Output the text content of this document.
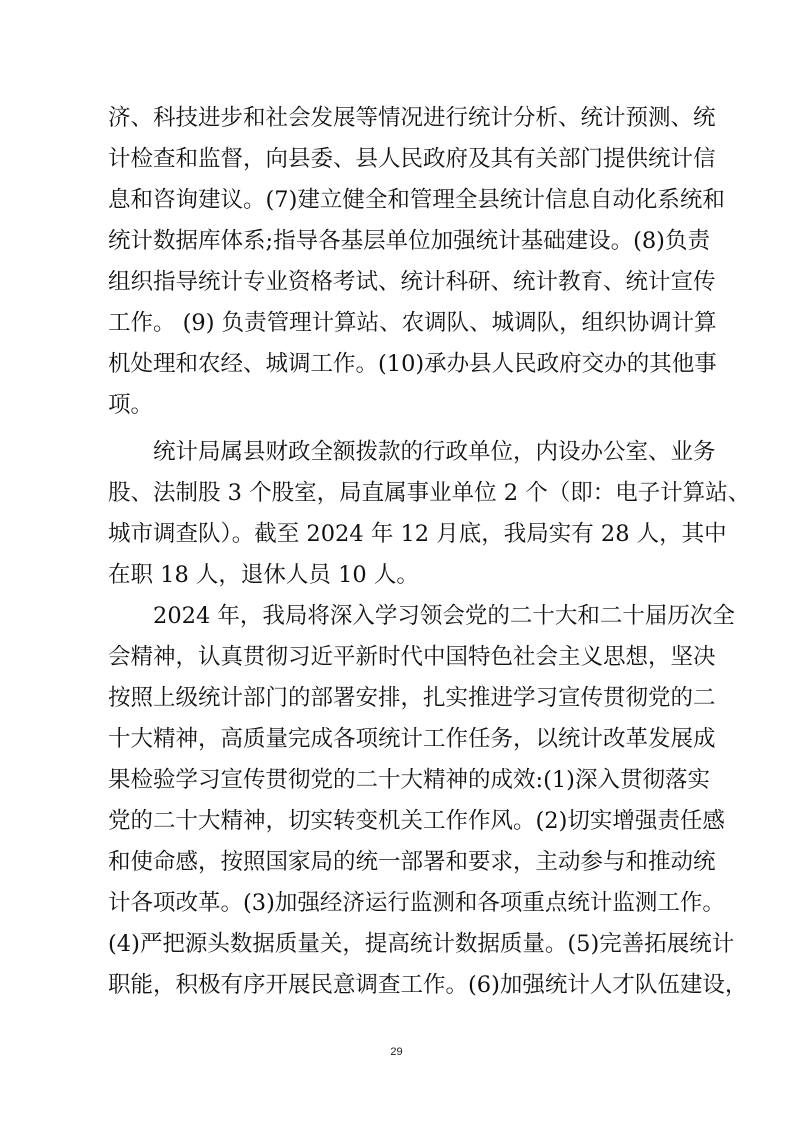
济、科技进步和社会发展等情况进行统计分析、统计预测、统
计检查和监督，向县委、县人民政府及其有关部门提供统计信
息和咨询建议。(7)建立健全和管理全县统计信息自动化系统和
统计数据库体系;指导各基层单位加强统计基础建设。(8)负责
组织指导统计专业资格考试、统计科研、统计教育、统计宣传
工作。 (9) 负责管理计算站、农调队、城调队，组织协调计算
机处理和农经、城调工作。(10)承办县人民政府交办的其他事
项。
统计局属县财政全额拨款的行政单位，内设办公室、业务
股、法制股 3 个股室，局直属事业单位 2 个（即：电子计算站、
城市调查队）。截至 2024 年 12 月底，我局实有 28 人，其中
在职 18 人，退休人员 10 人。
2024 年，我局将深入学习领会党的二十大和二十届历次全
会精神，认真贯彻习近平新时代中国特色社会主义思想，坚决
按照上级统计部门的部署安排，扎实推进学习宣传贯彻党的二
十大精神，高质量完成各项统计工作任务，以统计改革发展成
果检验学习宣传贯彻党的二十大精神的成效:(1)深入贯彻落实
党的二十大精神，切实转变机关工作作风。(2)切实增强责任感
和使命感，按照国家局的统一部署和要求，主动参与和推动统
计各项改革。(3)加强经济运行监测和各项重点统计监测工作。
(4)严把源头数据质量关，提高统计数据质量。(5)完善拓展统计
职能，积极有序开展民意调查工作。(6)加强统计人才队伍建设，
29
